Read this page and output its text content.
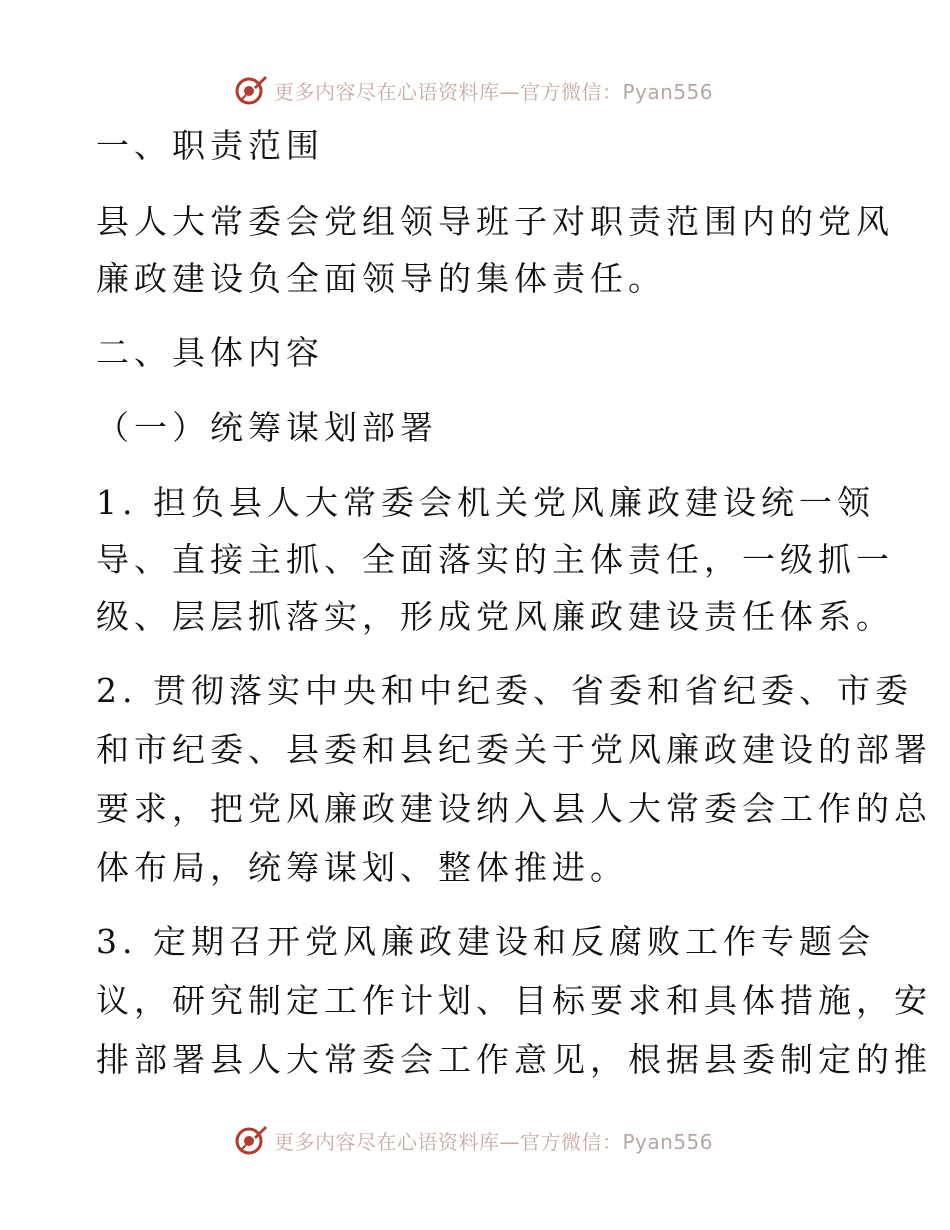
更多内容尽在心语资料库—官方微信：Pyan556
一、职责范围
县人大常委会党组领导班子对职责范围内的党风
廉政建设负全面领导的集体责任。
二、具体内容
（一）统筹谋划部署
1. 担负县人大常委会机关党风廉政建设统一领
导、直接主抓、全面落实的主体责任，一级抓一
级、层层抓落实，形成党风廉政建设责任体系。
2. 贯彻落实中央和中纪委、省委和省纪委、市委
和市纪委、县委和县纪委关于党风廉政建设的部署
要求，把党风廉政建设纳入县人大常委会工作的总
体布局，统筹谋划、整体推进。
3. 定期召开党风廉政建设和反腐败工作专题会
议，研究制定工作计划、目标要求和具体措施，安
排部署县人大常委会工作意见，根据县委制定的推
更多内容尽在心语资料库—官方微信：Pyan556
